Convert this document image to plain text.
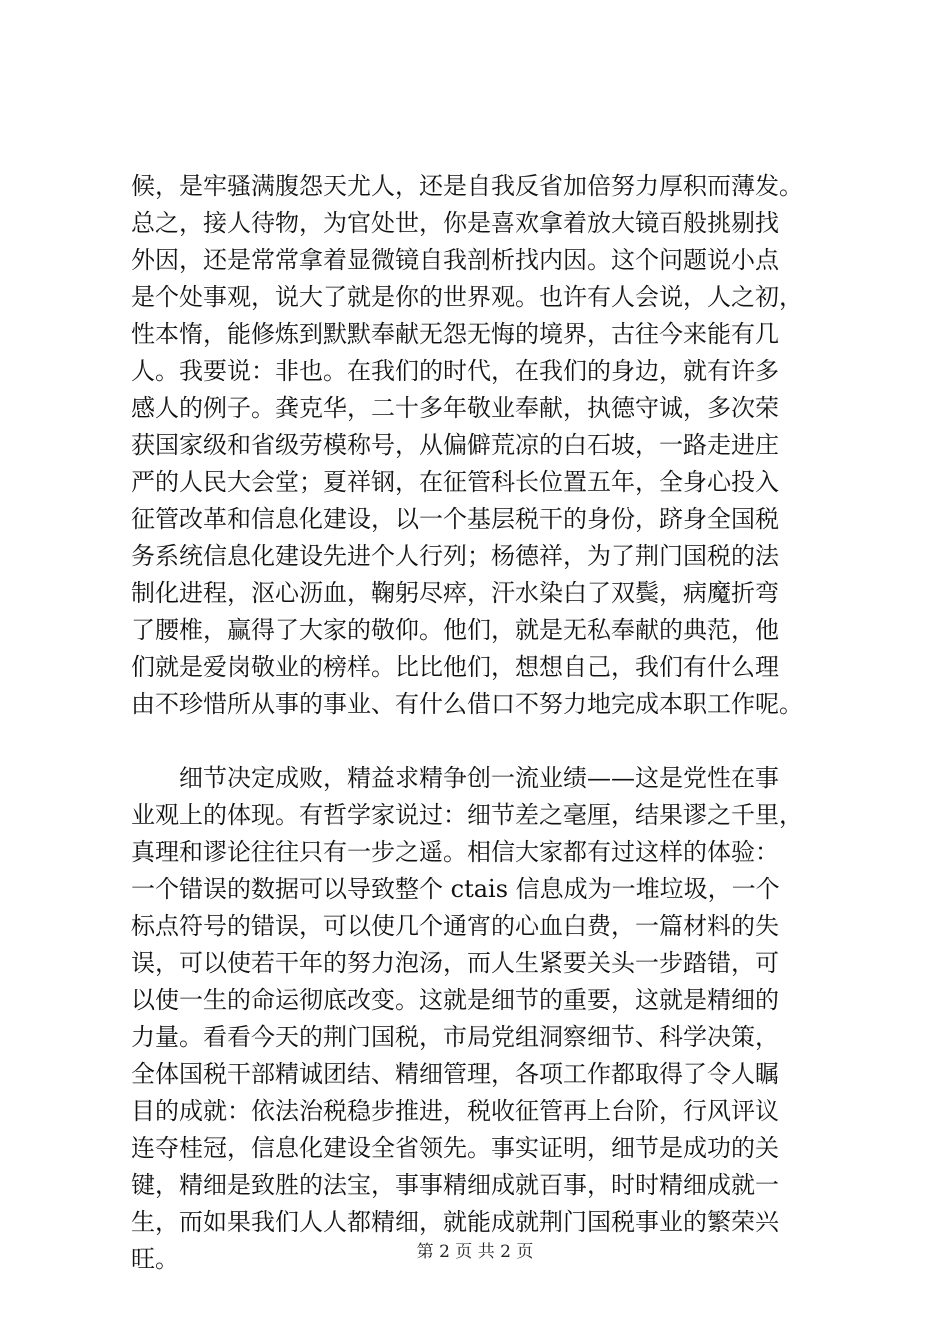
候，是牢骚满腹怨天尤人，还是自我反省加倍努力厚积而薄发。
总之，接人待物，为官处世，你是喜欢拿着放大镜百般挑剔找
外因，还是常常拿着显微镜自我剖析找内因。这个问题说小点
是个处事观，说大了就是你的世界观。也许有人会说，人之初，
性本惰，能修炼到默默奉献无怨无悔的境界，古往今来能有几
人。我要说：非也。在我们的时代，在我们的身边，就有许多
感人的例子。龚克华，二十多年敬业奉献，执德守诚，多次荣
获国家级和省级劳模称号，从偏僻荒凉的白石坡，一路走进庄
严的人民大会堂；夏祥钢，在征管科长位置五年，全身心投入
征管改革和信息化建设，以一个基层税干的身份，跻身全国税
务系统信息化建设先进个人行列；杨德祥，为了荆门国税的法
制化进程，沤心沥血，鞠躬尽瘁，汗水染白了双鬓，病魔折弯
了腰椎，赢得了大家的敬仰。他们，就是无私奉献的典范，他
们就是爱岗敬业的榜样。比比他们，想想自己，我们有什么理
由不珍惜所从事的事业、有什么借口不努力地完成本职工作呢。

　　细节决定成败，精益求精争创一流业绩——这是党性在事
业观上的体现。有哲学家说过：细节差之毫厘，结果谬之千里，
真理和谬论往往只有一步之遥。相信大家都有过这样的体验：
一个错误的数据可以导致整个 ctais 信息成为一堆垃圾，一个
标点符号的错误，可以使几个通宵的心血白费，一篇材料的失
误，可以使若干年的努力泡汤，而人生紧要关头一步踏错，可
以使一生的命运彻底改变。这就是细节的重要，这就是精细的
力量。看看今天的荆门国税，市局党组洞察细节、科学决策，
全体国税干部精诚团结、精细管理，各项工作都取得了令人瞩
目的成就：依法治税稳步推进，税收征管再上台阶，行风评议
连夺桂冠，信息化建设全省领先。事实证明，细节是成功的关
键，精细是致胜的法宝，事事精细成就百事，时时精细成就一
生，而如果我们人人都精细，就能成就荆门国税事业的繁荣兴
旺。	第 2 页 共 2 页
